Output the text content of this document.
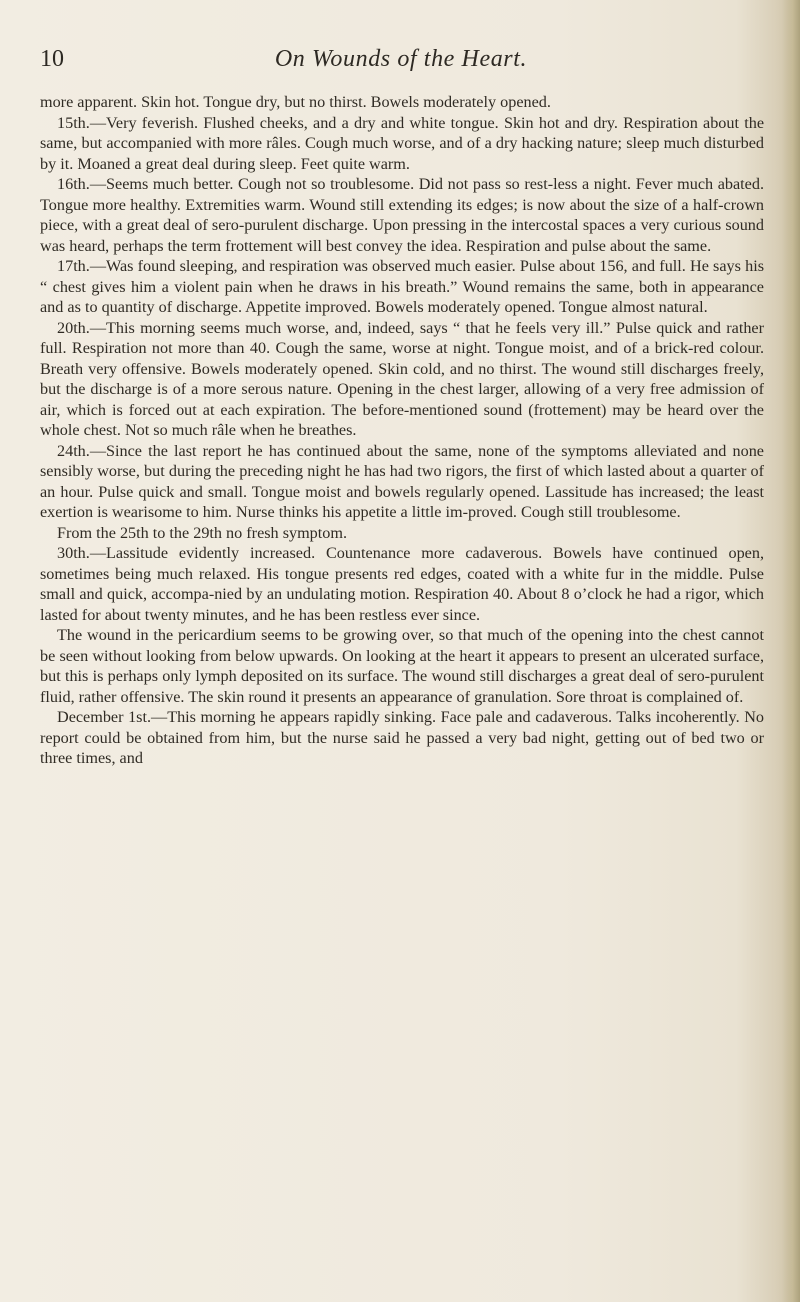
10	On Wounds of the Heart.

more apparent. Skin hot. Tongue dry, but no thirst. Bowels moderately opened.

15th.—Very feverish. Flushed cheeks, and a dry and white tongue. Skin hot and dry. Respiration about the same, but accompanied with more râles. Cough much worse, and of a dry hacking nature; sleep much disturbed by it. Moaned a great deal during sleep. Feet quite warm.

16th.—Seems much better. Cough not so troublesome. Did not pass so rest-less a night. Fever much abated. Tongue more healthy. Extremities warm. Wound still extending its edges; is now about the size of a half-crown piece, with a great deal of sero-purulent discharge. Upon pressing in the intercostal spaces a very curious sound was heard, perhaps the term frottement will best convey the idea. Respiration and pulse about the same.

17th.—Was found sleeping, and respiration was observed much easier. Pulse about 156, and full. He says his “ chest gives him a violent pain when he draws in his breath.” Wound remains the same, both in appearance and as to quantity of discharge. Appetite improved. Bowels moderately opened. Tongue almost natural.

20th.—This morning seems much worse, and, indeed, says “ that he feels very ill.” Pulse quick and rather full. Respiration not more than 40. Cough the same, worse at night. Tongue moist, and of a brick-red colour. Breath very offensive. Bowels moderately opened. Skin cold, and no thirst. The wound still discharges freely, but the discharge is of a more serous nature. Opening in the chest larger, allowing of a very free admission of air, which is forced out at each expiration. The before-mentioned sound (frottement) may be heard over the whole chest. Not so much râle when he breathes.

24th.—Since the last report he has continued about the same, none of the symptoms alleviated and none sensibly worse, but during the preceding night he has had two rigors, the first of which lasted about a quarter of an hour. Pulse quick and small. Tongue moist and bowels regularly opened. Lassitude has increased; the least exertion is wearisome to him. Nurse thinks his appetite a little im-proved. Cough still troublesome.

From the 25th to the 29th no fresh symptom.

30th.—Lassitude evidently increased. Countenance more cadaverous. Bowels have continued open, sometimes being much relaxed. His tongue presents red edges, coated with a white fur in the middle. Pulse small and quick, accompa-nied by an undulating motion. Respiration 40. About 8 o’clock he had a rigor, which lasted for about twenty minutes, and he has been restless ever since.

The wound in the pericardium seems to be growing over, so that much of the opening into the chest cannot be seen without looking from below upwards. On looking at the heart it appears to present an ulcerated surface, but this is perhaps only lymph deposited on its surface. The wound still discharges a great deal of sero-purulent fluid, rather offensive. The skin round it presents an appearance of granulation. Sore throat is complained of.

December 1st.—This morning he appears rapidly sinking. Face pale and cadaverous. Talks incoherently. No report could be obtained from him, but the nurse said he passed a very bad night, getting out of bed two or three times, and
